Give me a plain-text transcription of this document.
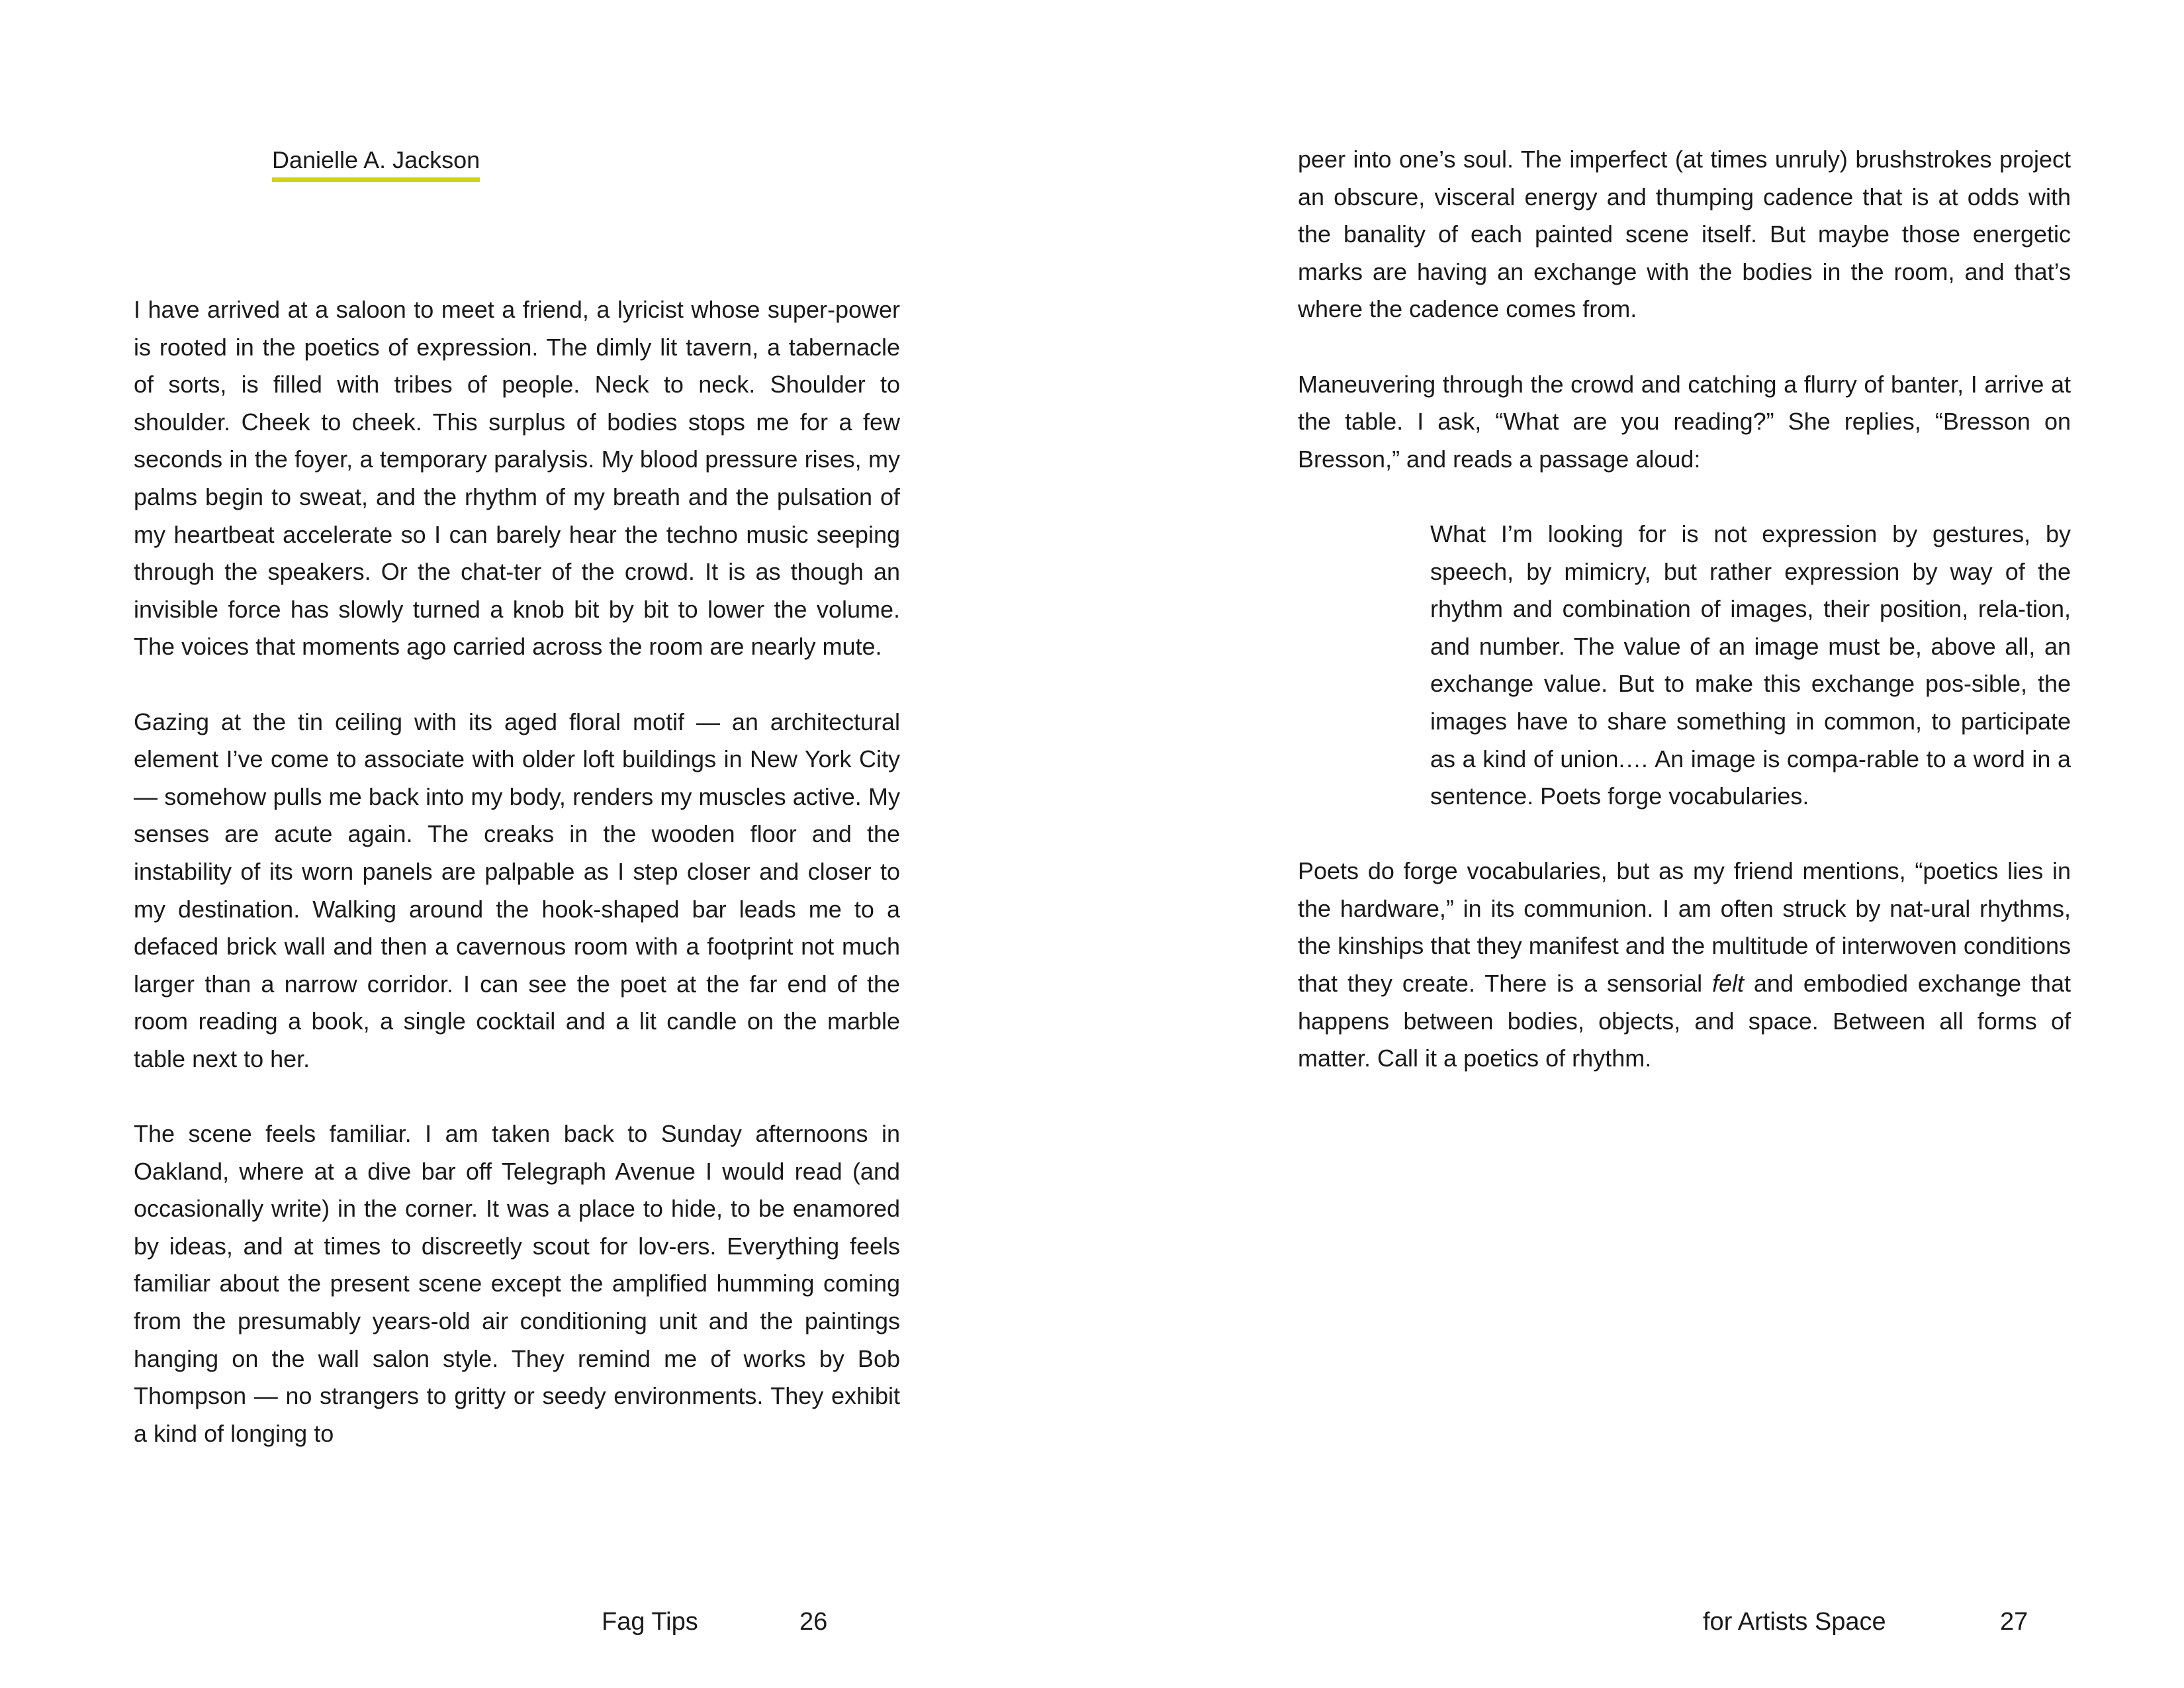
Danielle A. Jackson

I have arrived at a saloon to meet a friend, a lyricist whose super-power is rooted in the poetics of expression. The dimly lit tavern, a tabernacle of sorts, is filled with tribes of people. Neck to neck. Shoulder to shoulder. Cheek to cheek. This surplus of bodies stops me for a few seconds in the foyer, a temporary paralysis. My blood pressure rises, my palms begin to sweat, and the rhythm of my breath and the pulsation of my heartbeat accelerate so I can barely hear the techno music seeping through the speakers. Or the chat-ter of the crowd. It is as though an invisible force has slowly turned a knob bit by bit to lower the volume. The voices that moments ago carried across the room are nearly mute.

Gazing at the tin ceiling with its aged floral motif — an architectural element I’ve come to associate with older loft buildings in New York City — somehow pulls me back into my body, renders my muscles active. My senses are acute again. The creaks in the wooden floor and the instability of its worn panels are palpable as I step closer and closer to my destination. Walking around the hook-shaped bar leads me to a defaced brick wall and then a cavernous room with a footprint not much larger than a narrow corridor. I can see the poet at the far end of the room reading a book, a single cocktail and a lit candle on the marble table next to her.

The scene feels familiar. I am taken back to Sunday afternoons in Oakland, where at a dive bar off Telegraph Avenue I would read (and occasionally write) in the corner. It was a place to hide, to be enamored by ideas, and at times to discreetly scout for lov-ers. Everything feels familiar about the present scene except the amplified humming coming from the presumably years-old air conditioning unit and the paintings hanging on the wall salon style. They remind me of works by Bob Thompson — no strangers to gritty or seedy environments. They exhibit a kind of longing to

Fag Tips	26

peer into one’s soul. The imperfect (at times unruly) brushstrokes project an obscure, visceral energy and thumping cadence that is at odds with the banality of each painted scene itself. But maybe those energetic marks are having an exchange with the bodies in the room, and that’s where the cadence comes from.

Maneuvering through the crowd and catching a flurry of banter, I arrive at the table. I ask, “What are you reading?” She replies, “Bresson on Bresson,” and reads a passage aloud:

What I’m looking for is not expression by gestures, by speech, by mimicry, but rather expression by way of the rhythm and combination of images, their position, rela-tion, and number. The value of an image must be, above all, an exchange value. But to make this exchange pos-sible, the images have to share something in common, to participate as a kind of union.… An image is compa-rable to a word in a sentence. Poets forge vocabularies.

Poets do forge vocabularies, but as my friend mentions, “poetics lies in the hardware,” in its communion. I am often struck by nat-ural rhythms, the kinships that they manifest and the multitude of interwoven conditions that they create. There is a sensorial felt and embodied exchange that happens between bodies, objects, and space. Between all forms of matter. Call it a poetics of rhythm.

for Artists Space	27
